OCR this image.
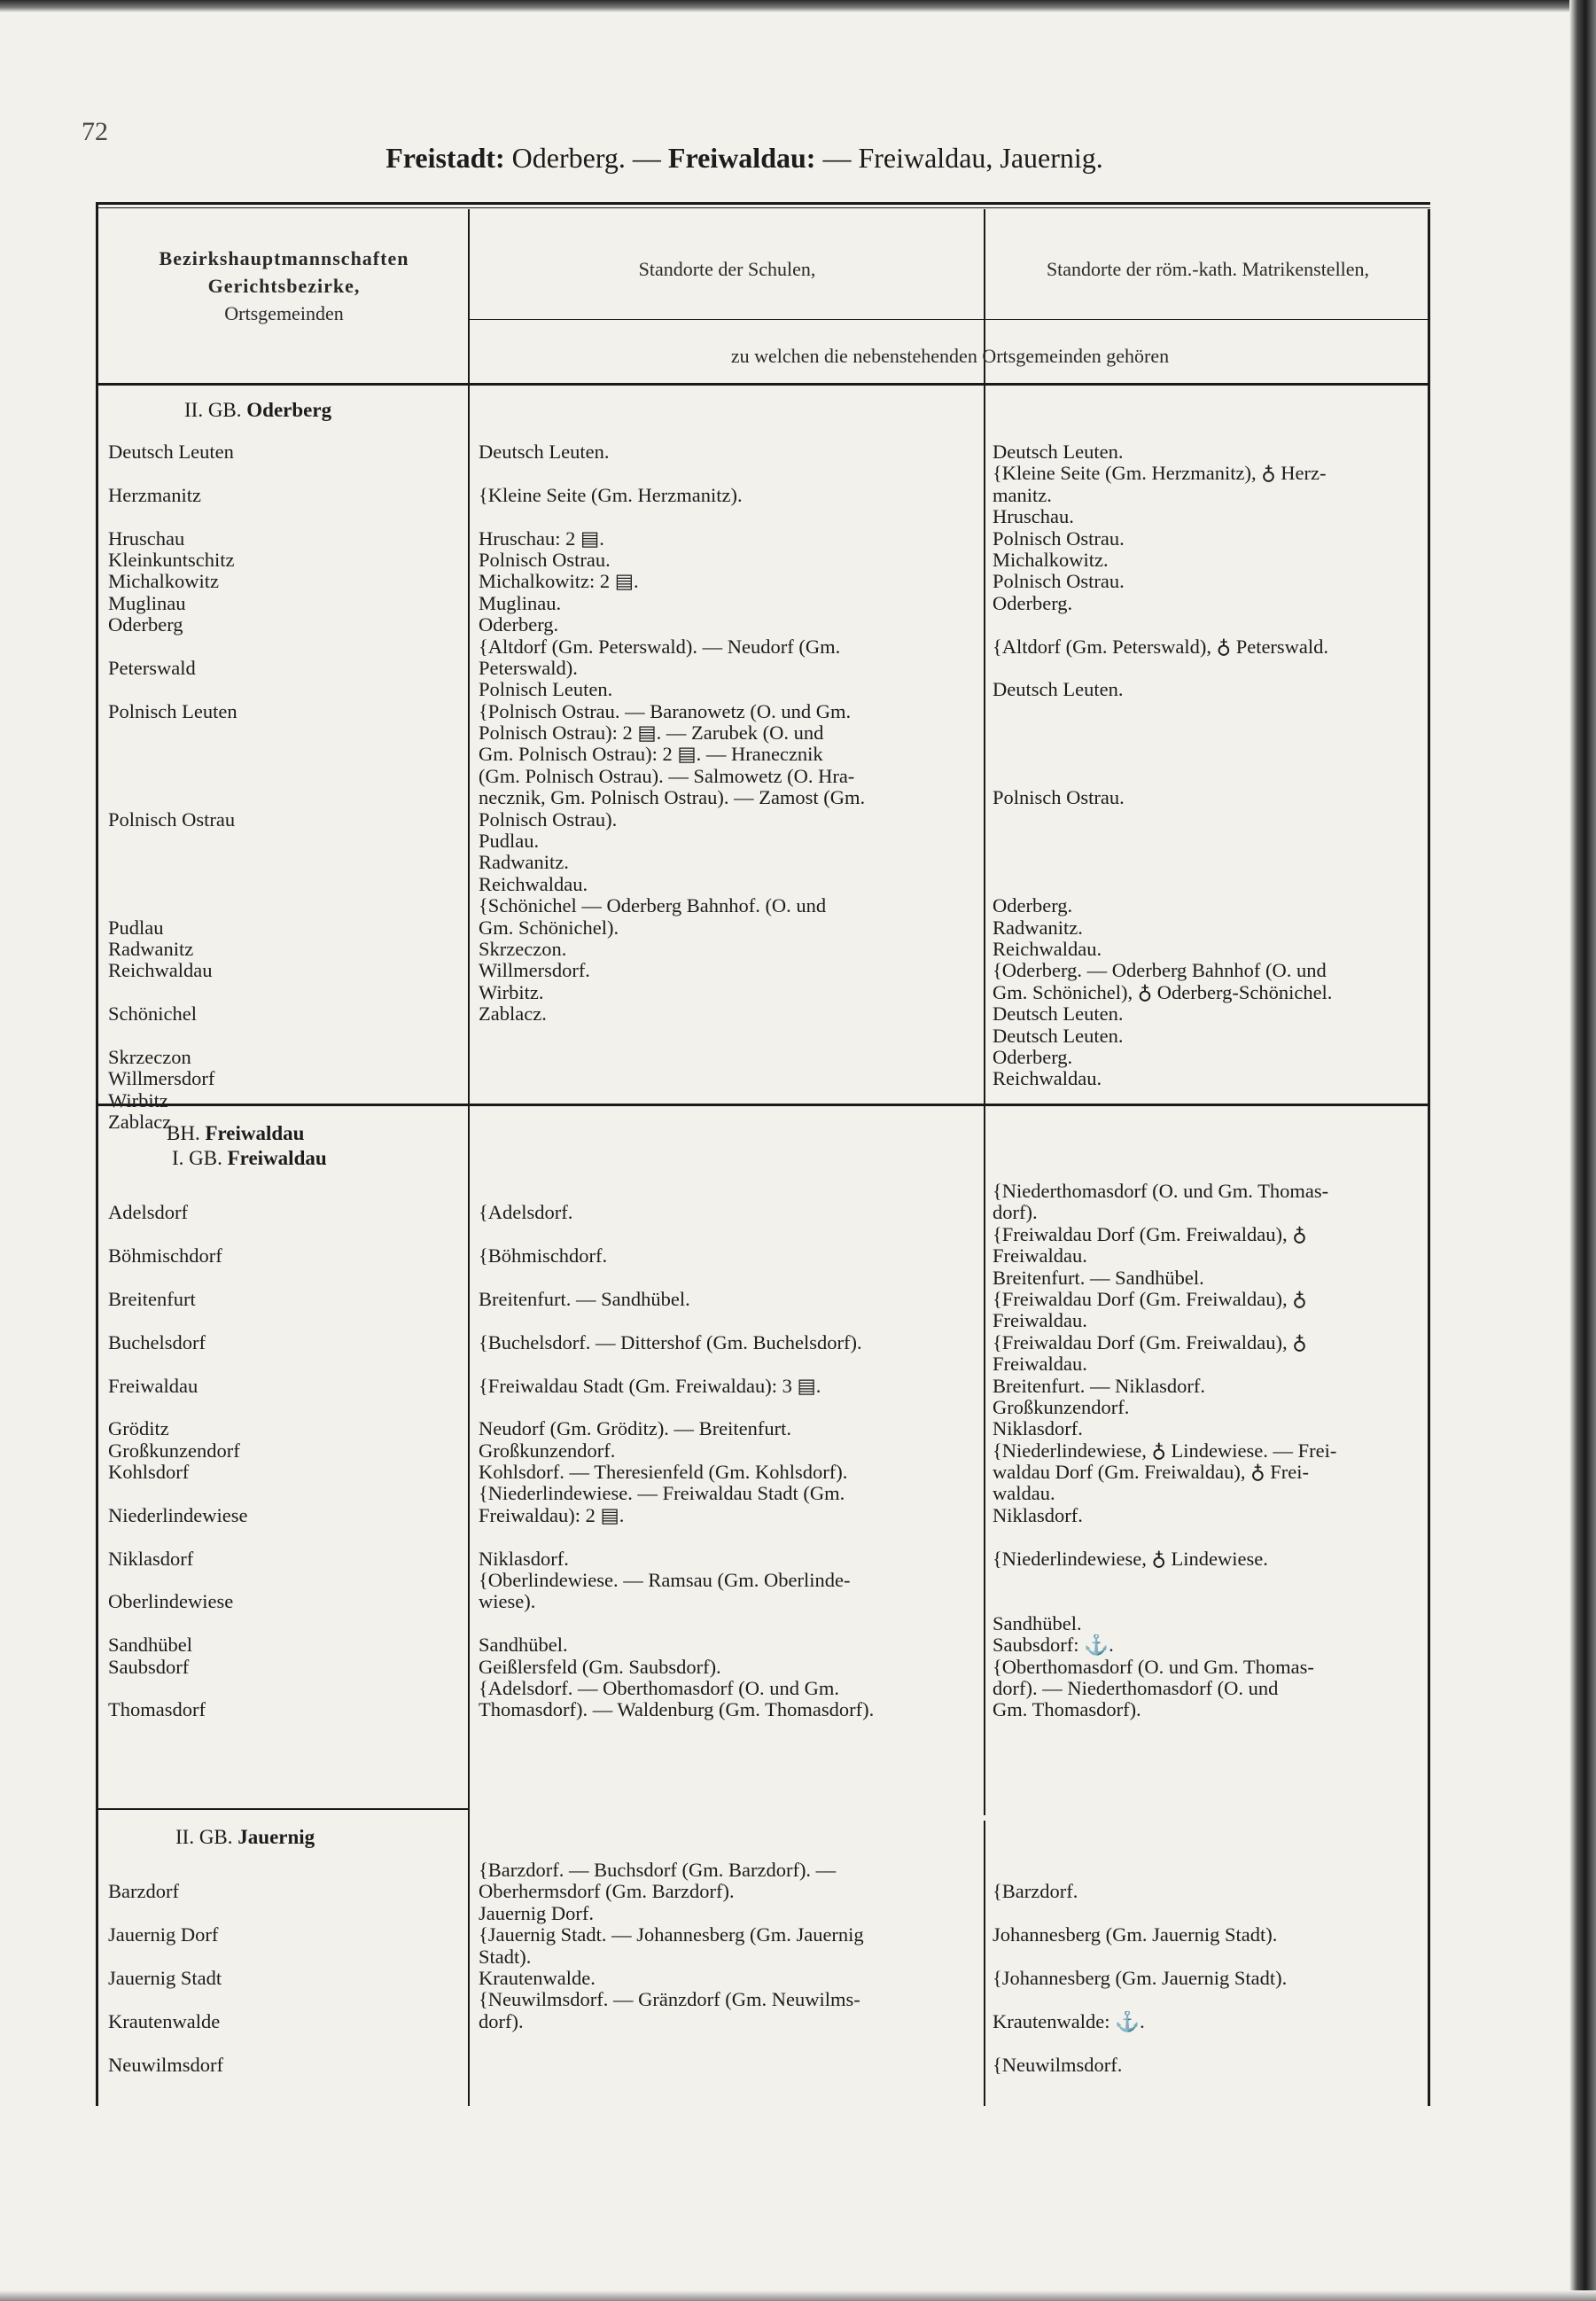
72
Freistadt: Oderberg. — Freiwaldau: — Freiwaldau, Jauernig.
Bezirkshauptmannschaften
Gerichtsbezirke,
Ortsgemeinden
Standorte der Schulen,	Standorte der röm.-kath. Matrikenstellen,
zu welchen die nebenstehenden Ortsgemeinden gehören
II. GB. Oderberg
Deutsch Leuten
Herzmanitz
Hruschau
Kleinkuntschitz
Michalkowitz
Muglinau
Oderberg
Peterswald
Polnisch Leuten
Polnisch Ostrau
Pudlau
Radwanitz
Reichwaldau
Schönichel
Skrzeczon
Willmersdorf
Wirbitz
Zablacz
Deutsch Leuten.
{Kleine Seite (Gm. Herzmanitz).
Hruschau: 2 ▤.
Polnisch Ostrau.
Michalkowitz: 2 ▤.
Muglinau.
Oderberg.
{Altdorf (Gm. Peterswald). — Neudorf (Gm.
Peterswald).
Polnisch Leuten.
{Polnisch Ostrau. — Baranowetz (O. und Gm.
Polnisch Ostrau): 2 ▤. — Zarubek (O. und
Gm. Polnisch Ostrau): 2 ▤. — Hranecznik
(Gm. Polnisch Ostrau). — Salmowetz (O. Hra-
necznik, Gm. Polnisch Ostrau). — Zamost (Gm.
Polnisch Ostrau).
Pudlau.
Radwanitz.
Reichwaldau.
{Schönichel — Oderberg Bahnhof. (O. und
Gm. Schönichel).
Skrzeczon.
Willmersdorf.
Wirbitz.
Zablacz.
Deutsch Leuten.
{Kleine Seite (Gm. Herzmanitz), ♁ Herz-
manitz.
Hruschau.
Polnisch Ostrau.
Michalkowitz.
Polnisch Ostrau.
Oderberg.
{Altdorf (Gm. Peterswald), ♁ Peterswald.
Deutsch Leuten.
Polnisch Ostrau.
Oderberg.
Radwanitz.
Reichwaldau.
{Oderberg. — Oderberg Bahnhof (O. und
Gm. Schönichel), ♁ Oderberg-Schönichel.
Deutsch Leuten.
Deutsch Leuten.
Oderberg.
Reichwaldau.
BH. Freiwaldau
I. GB. Freiwaldau
Adelsdorf
Böhmischdorf
Breitenfurt
Buchelsdorf
Freiwaldau
Gröditz
Großkunzendorf
Kohlsdorf
Niederlindewiese
Niklasdorf
Oberlindewiese
Sandhübel
Saubsdorf
Thomasdorf
{Adelsdorf.
{Böhmischdorf.
Breitenfurt. — Sandhübel.
{Buchelsdorf. — Dittershof (Gm. Buchelsdorf).
{Freiwaldau Stadt (Gm. Freiwaldau): 3 ▤.
Neudorf (Gm. Gröditz). — Breitenfurt.
Großkunzendorf.
Kohlsdorf. — Theresienfeld (Gm. Kohlsdorf).
{Niederlindewiese. — Freiwaldau Stadt (Gm.
Freiwaldau): 2 ▤.
Niklasdorf.
{Oberlindewiese. — Ramsau (Gm. Oberlinde-
wiese).
Sandhübel.
Geißlersfeld (Gm. Saubsdorf).
{Adelsdorf. — Oberthomasdorf (O. und Gm.
Thomasdorf). — Waldenburg (Gm. Thomasdorf).
{Niederthomasdorf (O. und Gm. Thomas-
dorf).
{Freiwaldau Dorf (Gm. Freiwaldau), ♁
Freiwaldau.
Breitenfurt. — Sandhübel.
{Freiwaldau Dorf (Gm. Freiwaldau), ♁
Freiwaldau.
{Freiwaldau Dorf (Gm. Freiwaldau), ♁
Freiwaldau.
Breitenfurt. — Niklasdorf.
Großkunzendorf.
Niklasdorf.
{Niederlindewiese, ♁ Lindewiese. — Frei-
waldau Dorf (Gm. Freiwaldau), ♁ Frei-
waldau.
Niklasdorf.
{Niederlindewiese, ♁ Lindewiese.
Sandhübel.
Saubsdorf: ⚓.
{Oberthomasdorf (O. und Gm. Thomas-
dorf). — Niederthomasdorf (O. und
Gm. Thomasdorf).
II. GB. Jauernig
Barzdorf
Jauernig Dorf
Jauernig Stadt
Krautenwalde
Neuwilmsdorf
{Barzdorf. — Buchsdorf (Gm. Barzdorf). —
Oberhermsdorf (Gm. Barzdorf).
Jauernig Dorf.
{Jauernig Stadt. — Johannesberg (Gm. Jauernig
Stadt).
Krautenwalde.
{Neuwilmsdorf. — Gränzdorf (Gm. Neuwilms-
dorf).
{Barzdorf.
Johannesberg (Gm. Jauernig Stadt).
{Johannesberg (Gm. Jauernig Stadt).
Krautenwalde: ⚓.
{Neuwilmsdorf.
